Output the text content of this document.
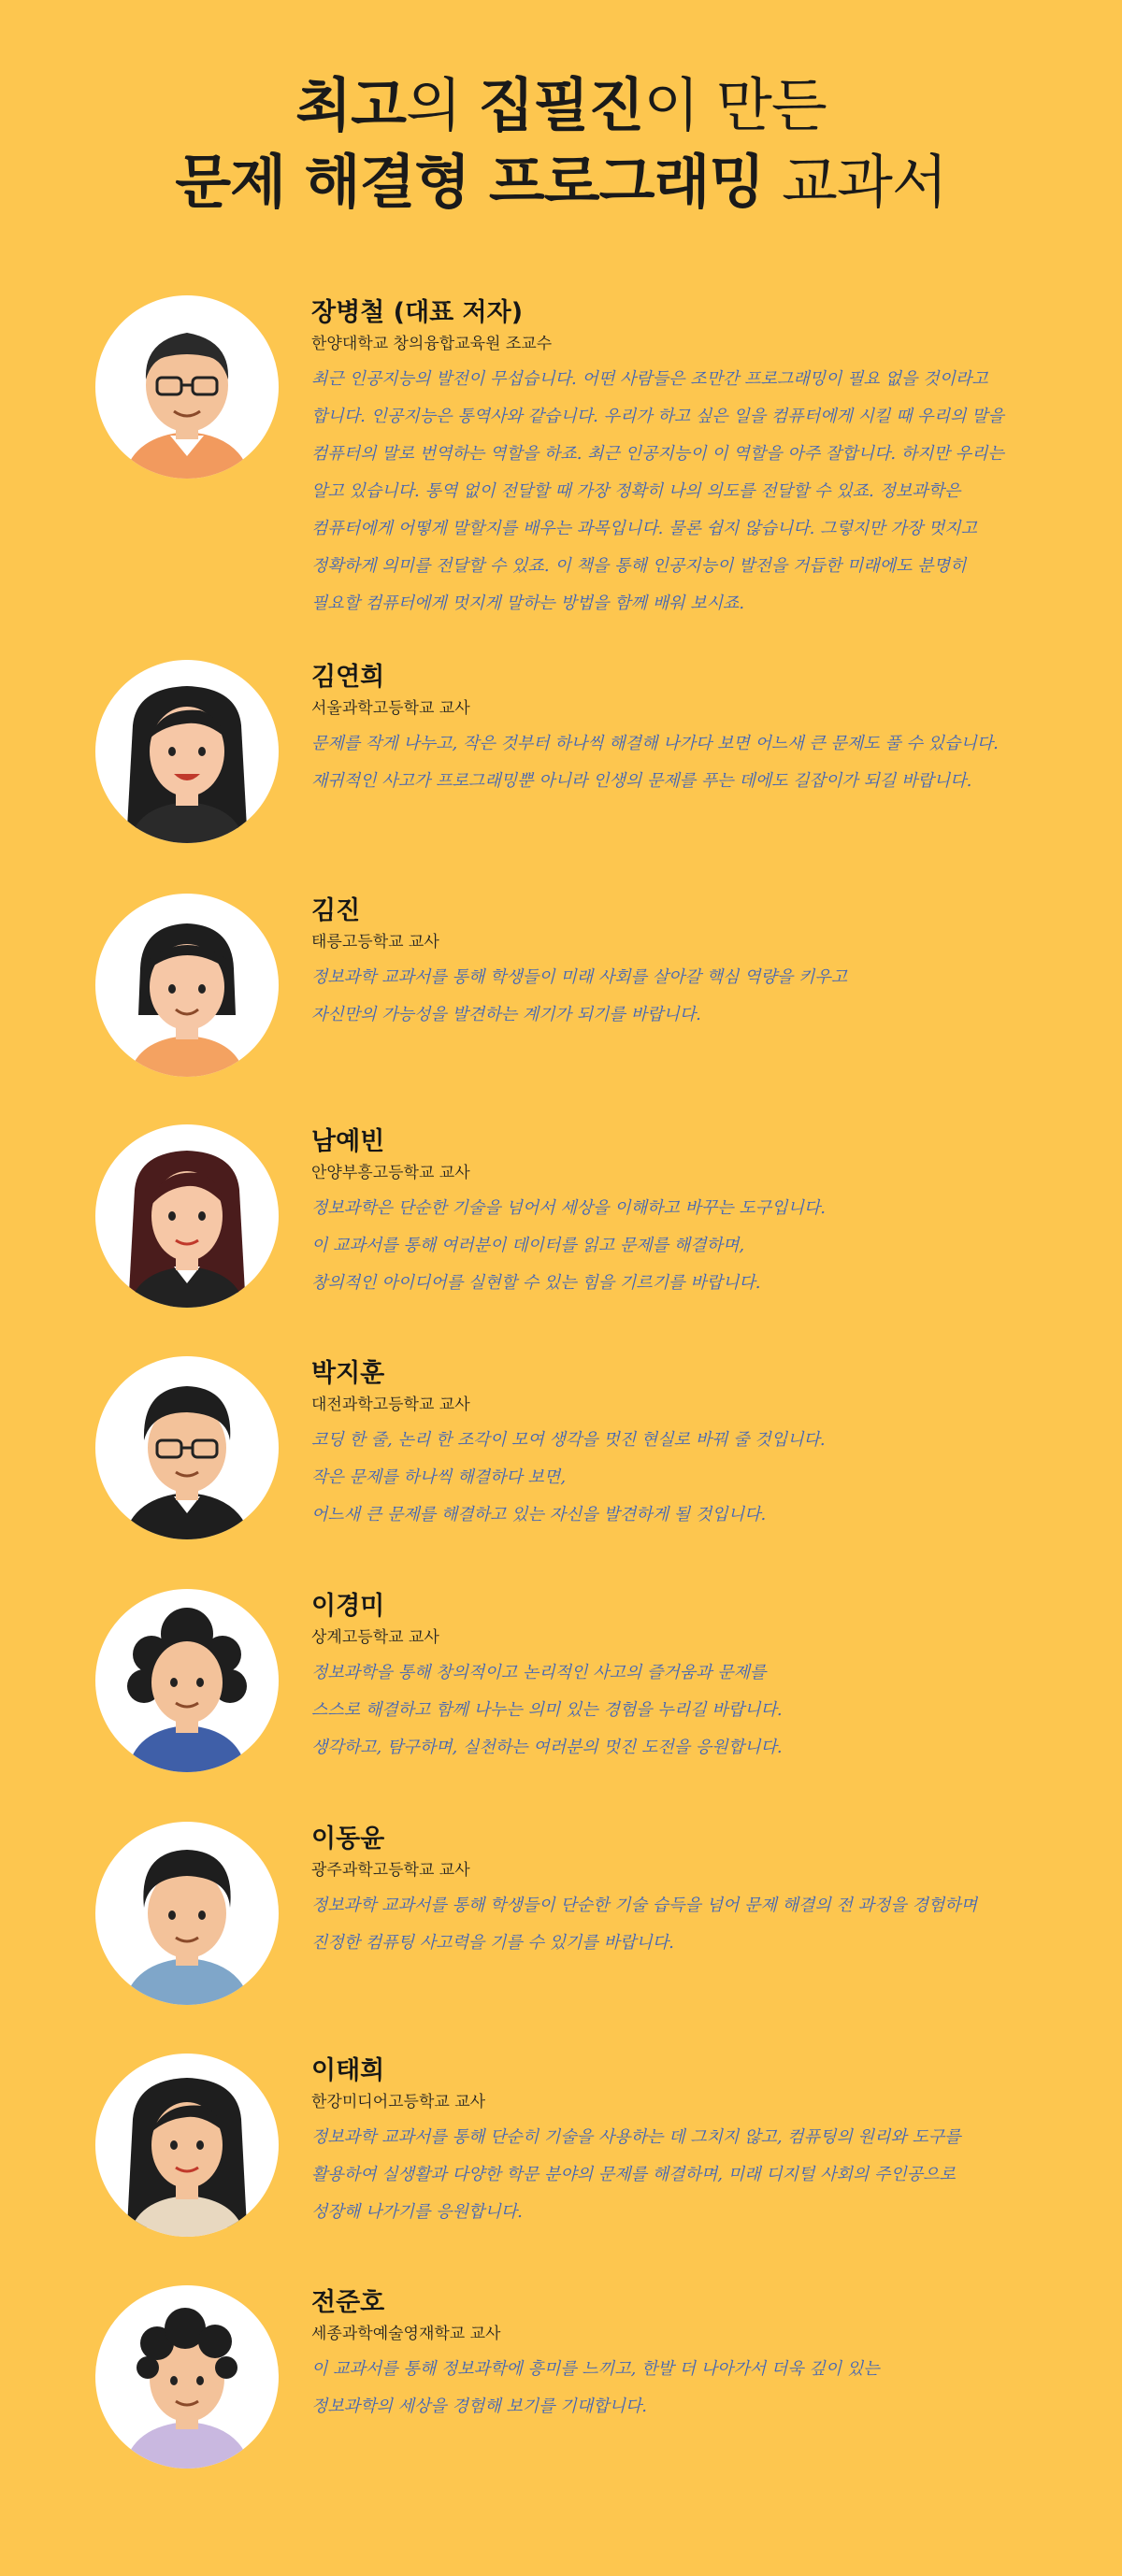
최고의 집필진이 만든
문제 해결형 프로그래밍 교과서
장병철 (대표 저자)
한양대학교 창의융합교육원 조교수

최근 인공지능의 발전이 무섭습니다. 어떤 사람들은 조만간 프로그래밍이 필요 없을 것이라고

합니다. 인공지능은 통역사와 같습니다. 우리가 하고 싶은 일을 컴퓨터에게 시킬 때 우리의 말을

컴퓨터의 말로 번역하는 역할을 하죠. 최근 인공지능이 이 역할을 아주 잘합니다. 하지만 우리는

알고 있습니다. 통역 없이 전달할 때 가장 정확히 나의 의도를 전달할 수 있죠. 정보과학은

컴퓨터에게 어떻게 말할지를 배우는 과목입니다. 물론 쉽지 않습니다. 그렇지만 가장 멋지고

정확하게 의미를 전달할 수 있죠. 이 책을 통해 인공지능이 발전을 거듭한 미래에도 분명히

필요할 컴퓨터에게 멋지게 말하는 방법을 함께 배워 보시죠.

김연희
서울과학고등학교 교사

문제를 작게 나누고, 작은 것부터 하나씩 해결해 나가다 보면 어느새 큰 문제도 풀 수 있습니다.

재귀적인 사고가 프로그래밍뿐 아니라 인생의 문제를 푸는 데에도 길잡이가 되길 바랍니다.

김진
태릉고등학교 교사

정보과학 교과서를 통해 학생들이 미래 사회를 살아갈 핵심 역량을 키우고

자신만의 가능성을 발견하는 계기가 되기를 바랍니다.

남예빈
안양부흥고등학교 교사

정보과학은 단순한 기술을 넘어서 세상을 이해하고 바꾸는 도구입니다.

이 교과서를 통해 여러분이 데이터를 읽고 문제를 해결하며,

창의적인 아이디어를 실현할 수 있는 힘을 기르기를 바랍니다.

박지훈
대전과학고등학교 교사

코딩 한 줄, 논리 한 조각이 모여 생각을 멋진 현실로 바꿔 줄 것입니다.

작은 문제를 하나씩 해결하다 보면,

어느새 큰 문제를 해결하고 있는 자신을 발견하게 될 것입니다.

이경미
상계고등학교 교사

정보과학을 통해 창의적이고 논리적인 사고의 즐거움과 문제를

스스로 해결하고 함께 나누는 의미 있는 경험을 누리길 바랍니다.

생각하고, 탐구하며, 실천하는 여러분의 멋진 도전을 응원합니다.

이동윤
광주과학고등학교 교사

정보과학 교과서를 통해 학생들이 단순한 기술 습득을 넘어 문제 해결의 전 과정을 경험하며

진정한 컴퓨팅 사고력을 기를 수 있기를 바랍니다.

이태희
한강미디어고등학교 교사

정보과학 교과서를 통해 단순히 기술을 사용하는 데 그치지 않고, 컴퓨팅의 원리와 도구를

활용하여 실생활과 다양한 학문 분야의 문제를 해결하며, 미래 디지털 사회의 주인공으로

성장해 나가기를 응원합니다.

전준호
세종과학예술영재학교 교사

이 교과서를 통해 정보과학에 흥미를 느끼고, 한발 더 나아가서 더욱 깊이 있는

정보과학의 세상을 경험해 보기를 기대합니다.
